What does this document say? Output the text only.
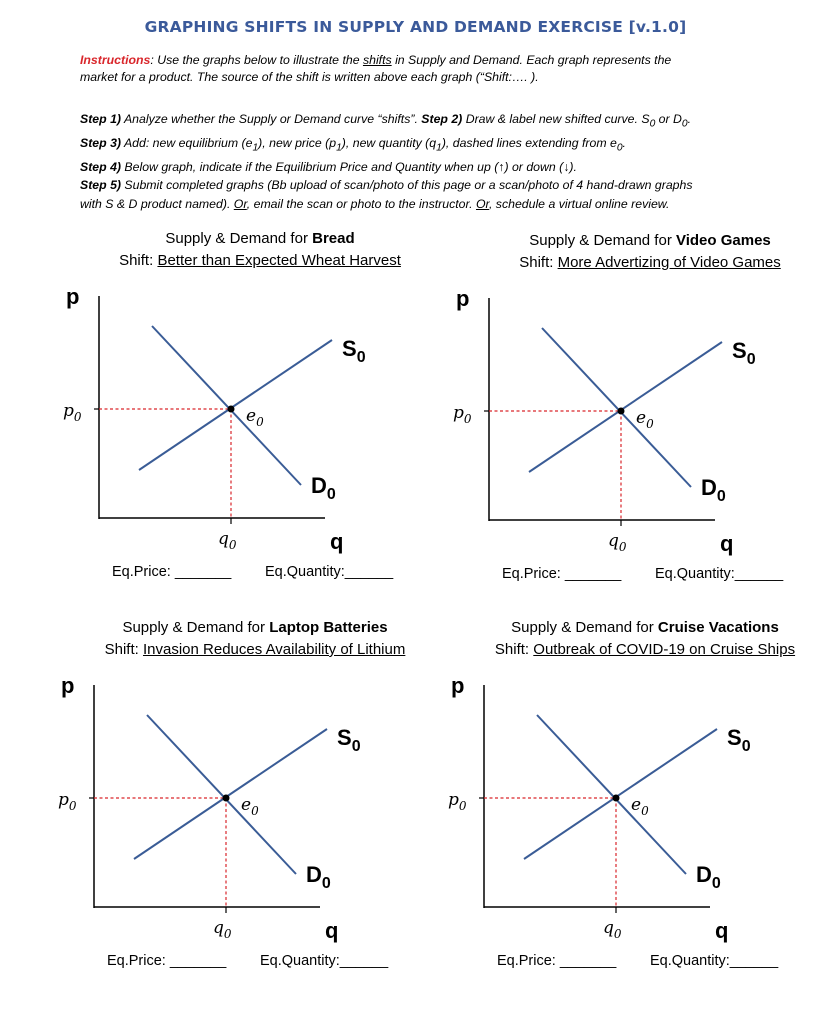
GRAPHING SHIFTS IN SUPPLY AND DEMAND EXERCISE [v.1.0]
Instructions: Use the graphs below to illustrate the shifts in Supply and Demand. Each graph represents the
market for a product. The source of the shift is written above each graph (“Shift:…. ).
Step 1) Analyze whether the Supply or Demand curve “shifts”. Step 2) Draw & label new shifted curve. $S_0$ or $D_0$.
Step 3) Add: new equilibrium $(e_1)$, new price $(p_1)$, new quantity $(q_1)$, dashed lines extending from $e_0$.
Step 4) Below graph, indicate if the Equilibrium Price and Quantity when up (↑) or down (↓).
Step 5) Submit completed graphs (Bb upload of scan/photo of this page or a scan/photo of 4 hand-drawn graphs
with S & D product named). Or, email the scan or photo to the instructor. Or, schedule a virtual online review.
Supply & Demand for Bread
Shift: Better than Expected Wheat Harvest
p
q
$p_0$
$q_0$
$e_0$
$S_0$
$D_0$
Eq.Price: _______ Eq.Quantity:______
Supply & Demand for Video Games
Shift: More Advertizing of Video Games
p
q
$p_0$
$q_0$
$e_0$
$S_0$
$D_0$
Eq.Price: _______ Eq.Quantity:______
Supply & Demand for Laptop Batteries
Shift: Invasion Reduces Availability of Lithium
p
q
$p_0$
$q_0$
$e_0$
$S_0$
$D_0$
Eq.Price: _______ Eq.Quantity:______
Supply & Demand for Cruise Vacations
Shift: Outbreak of COVID-19 on Cruise Ships
p
q
$p_0$
$q_0$
$e_0$
$S_0$
$D_0$
Eq.Price: _______ Eq.Quantity:______
